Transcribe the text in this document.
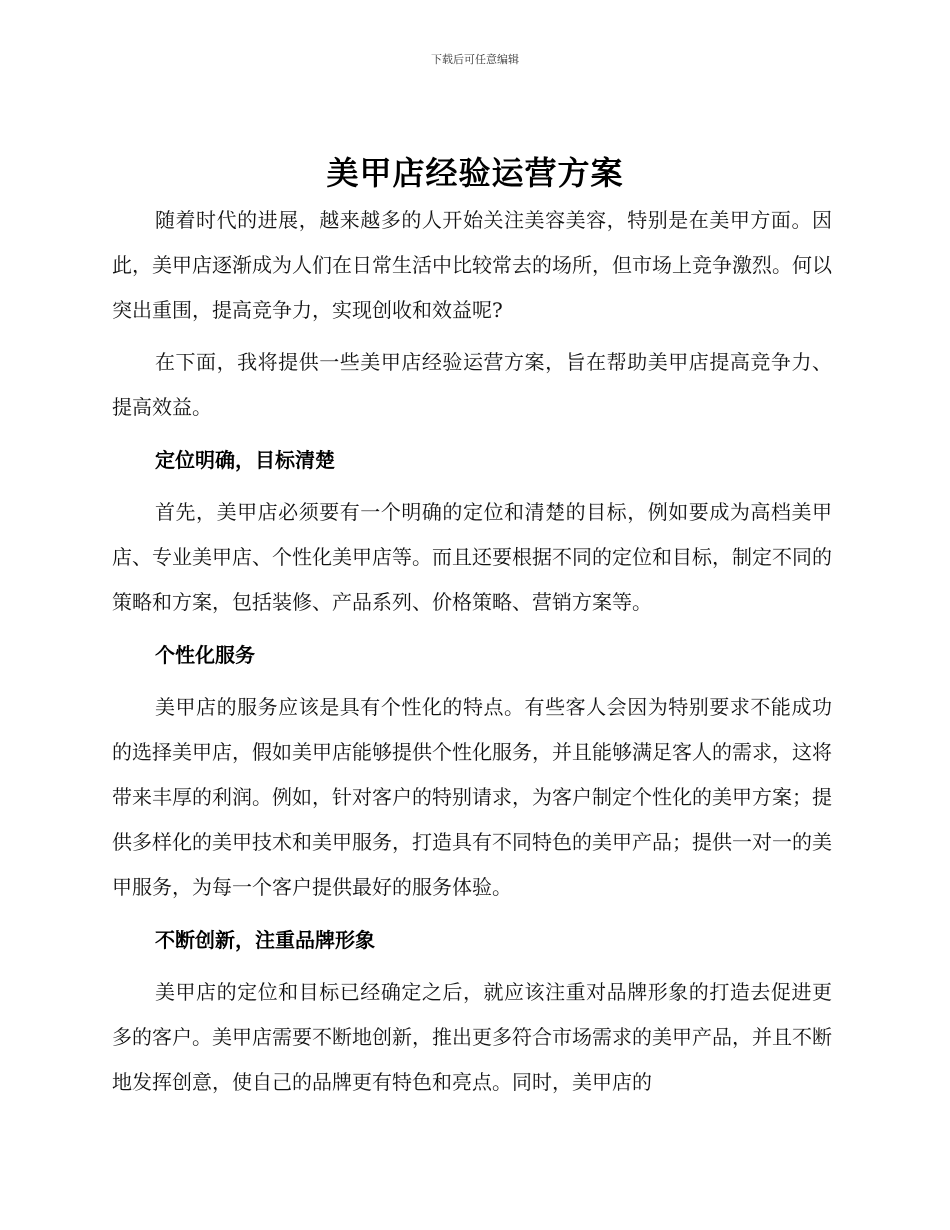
下载后可任意编辑
美甲店经验运营方案

随着时代的进展，越来越多的人开始关注美容美容，特别是在美甲方面。因此，美甲店逐渐成为人们在日常生活中比较常去的场所，但市场上竞争激烈。何以突出重围，提高竞争力，实现创收和效益呢?

在下面，我将提供一些美甲店经验运营方案，旨在帮助美甲店提高竞争力、提高效益。

定位明确，目标清楚

首先，美甲店必须要有一个明确的定位和清楚的目标，例如要成为高档美甲店、专业美甲店、个性化美甲店等。而且还要根据不同的定位和目标，制定不同的策略和方案，包括装修、产品系列、价格策略、营销方案等。

个性化服务

美甲店的服务应该是具有个性化的特点。有些客人会因为特别要求不能成功的选择美甲店，假如美甲店能够提供个性化服务，并且能够满足客人的需求，这将带来丰厚的利润。例如，针对客户的特别请求，为客户制定个性化的美甲方案；提供多样化的美甲技术和美甲服务，打造具有不同特色的美甲产品；提供一对一的美甲服务，为每一个客户提供最好的服务体验。

不断创新，注重品牌形象

美甲店的定位和目标已经确定之后，就应该注重对品牌形象的打造去促进更多的客户。美甲店需要不断地创新，推出更多符合市场需求的美甲产品，并且不断地发挥创意，使自己的品牌更有特色和亮点。同时，美甲店的
